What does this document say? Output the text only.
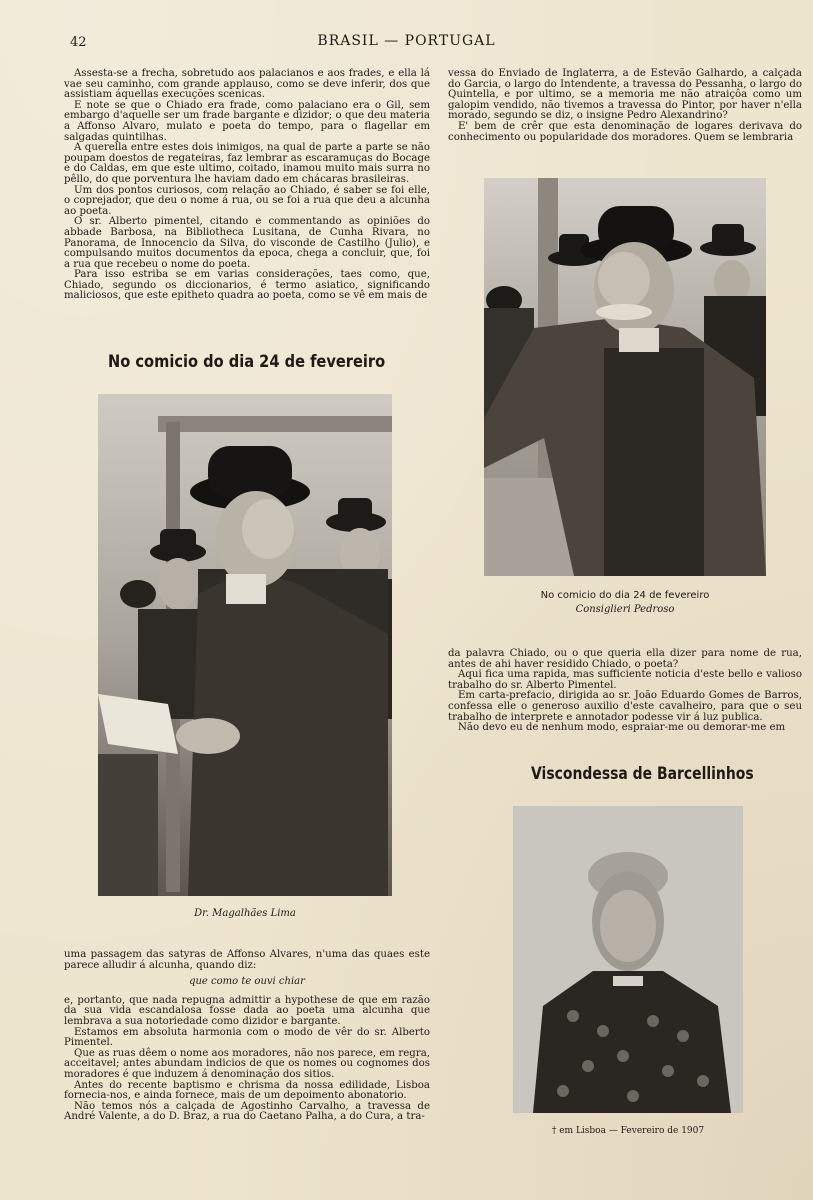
42	BRASIL — PORTUGAL

Assesta-se a frecha, sobretudo aos palacianos e aos frades, e ella lá vae seu caminho, com grande applauso, como se deve inferir, dos que assistiam áquellas execuções scenicas.

E note se que o Chiado era frade, como palaciano era o Gil, sem embargo d'aquelle ser um frade bargante e dizidor; o que deu materia a Affonso Alvaro, mulato e poeta do tempo, para o flagellar em salgadas quintilhas.

A querella entre estes dois inimigos, na qual de parte a parte se não poupam doestos de regateiras, faz lembrar as escaramuças do Bocage e do Caldas, em que este ultimo, coitado, inamou muito mais surra no pêllo, do que porventura lhe haviam dado em chácaras brasileiras.

Um dos pontos curiosos, com relação ao Chiado, é saber se foi elle, o coprejador, que deu o nome á rua, ou se foi a rua que deu a alcunha ao poeta.

O sr. Alberto pimentel, citando e commentando as opiniões do abbade Barbosa, na Bibliotheca Lusitana, de Cunha Rivara, no Panorama, de Innocencio da Silva, do visconde de Castilho (Julio), e compulsando muitos documentos da epoca, chega a concluir, que, foi a rua que recebeu o nome do poeta.

Para isso estriba se em varias considerações, taes como, que, Chiado, segundo os diccionarios, é termo asiatico, significando maliciosos, que este epitheto quadra ao poeta, como se vê em mais de

vessa do Enviado de Inglaterra, a de Estevão Galhardo, a calçada do Garcia, o largo do Intendente, a travessa do Pessanha, o largo do Quintella, e por ultimo, se a memoria me não atraiçôa como um galopim vendido, não tivemos a travessa do Pintor, por haver n'ella morado, segundo se diz, o insigne Pedro Alexandrino?

E' bem de crêr que esta denominação de logares derivava do conhecimento ou popularidade dos moradores. Quem se lembraria

No comicio do dia 24 de fevereiro
Dr. Magalhães Lima
No comicio do dia 24 de fevereiro
Consiglieri Pedroso

da palavra Chiado, ou o que queria ella dizer para nome de rua, antes de ahi haver residido Chiado, o poeta?

Aqui fica uma rapida, mas sufficiente noticia d'este bello e valioso trabalho do sr. Alberto Pimentel.

Em carta-prefacio, dirigida ao sr. João Eduardo Gomes de Barros, confessa elle o generoso auxilio d'este cavalheiro, para que o seu trabalho de interprete e annotador podesse vir á luz publica.

Não devo eu de nenhum modo, espraiar-me ou demorar-me em

Viscondessa de Barcellinhos
† em Lisboa — Fevereiro de 1907

uma passagem das satyras de Affonso Alvares, n'uma das quaes este parece alludir á alcunha, quando diz:

que como te ouvi chiar

e, portanto, que nada repugna admittir a hypothese de que em razão da sua vida escandalosa fosse dada ao poeta uma alcunha que lembrava a sua notoriedade como dizidor e bargante.

Estamos em absoluta harmonia com o modo de vêr do sr. Alberto Pimentel.

Que as ruas dêem o nome aos moradores, não nos parece, em regra, acceitavel; antes abundam indicios de que os nomes ou cognomes dos moradores é que induzem á denominação dos sitios.

Antes do recente baptismo e chrisma da nossa edilidade, Lisboa fornecia-nos, e ainda fornece, mais de um depoimento abonatorio.

Não temos nós a calçada de Agostinho Carvalho, a travessa de André Valente, a do D. Braz, a rua do Caetano Palha, a do Cura, a tra-
